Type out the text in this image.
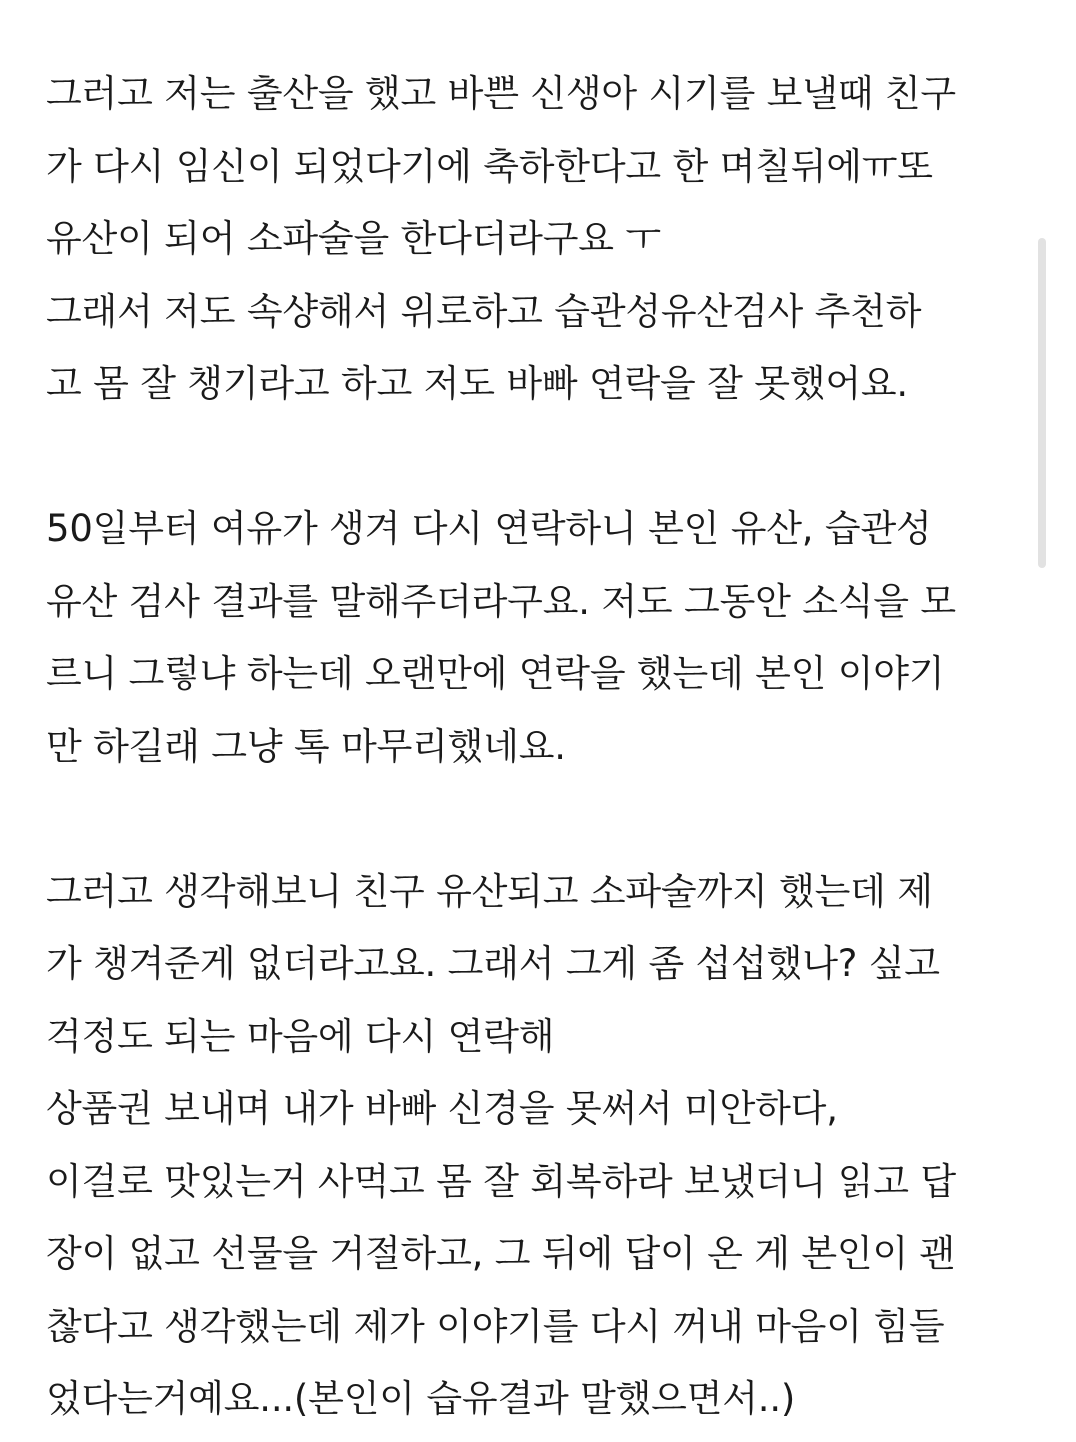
그러고 저는 출산을 했고 바쁜 신생아 시기를 보낼때 친구
가 다시 임신이 되었다기에 축하한다고 한 며칠뒤에ㅠ또
유산이 되어 소파술을 한다더라구요 ㅜ
그래서 저도 속샹해서 위로하고 습관성유산검사 추천하
고 몸 잘 챙기라고 하고 저도 바빠 연락을 잘 못했어요.
50일부터 여유가 생겨 다시 연락하니 본인 유산, 습관성
유산 검사 결과를 말해주더라구요. 저도 그동안 소식을 모
르니 그렇냐 하는데 오랜만에 연락을 했는데 본인 이야기
만 하길래 그냥 톡 마무리했네요.
그러고 생각해보니 친구 유산되고 소파술까지 했는데 제
가 챙겨준게 없더라고요. 그래서 그게 좀 섭섭했나? 싶고
걱정도 되는 마음에 다시 연락해
상품권 보내며 내가 바빠 신경을 못써서 미안하다,
이걸로 맛있는거 사먹고 몸 잘 회복하라 보냈더니 읽고 답
장이 없고 선물을 거절하고, 그 뒤에 답이 온 게 본인이 괜
찮다고 생각했는데 제가 이야기를 다시 꺼내 마음이 힘들
었다는거예요...(본인이 습유결과 말했으면서..)
